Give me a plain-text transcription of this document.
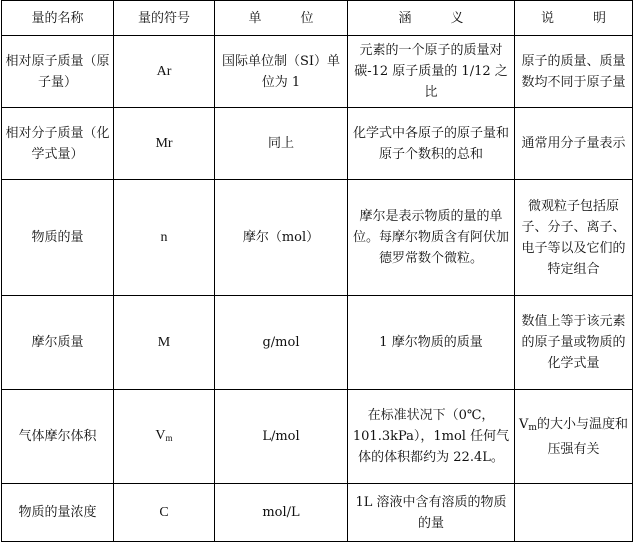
量的名称	量的符号	单　　　位	涵　　　义	说　　　明
相对原子质量（原子量）	Ar	国际单位制（SI）单位为 1	元素的一个原子的质量对碳-12 原子质量的 1/12 之比	原子的质量、质量数均不同于原子量
相对分子质量（化学式量）	Mr	同上	化学式中各原子的原子量和原子个数积的总和	通常用分子量表示
物质的量	n	摩尔（mol）	摩尔是表示物质的量的单位。每摩尔物质含有阿伏加德罗常数个微粒。	微观粒子包括原子、分子、离子、电子等以及它们的特定组合
摩尔质量	M	g/mol	1 摩尔物质的质量	数值上等于该元素的原子量或物质的化学式量
气体摩尔体积	$V_m$	L/mol	在标准状况下（0℃，101.3kPa），1mol 任何气体的体积都约为 22.4L。	$V_m$的大小与温度和压强有关
物质的量浓度	C	mol/L	1L 溶液中含有溶质的物质的量	
